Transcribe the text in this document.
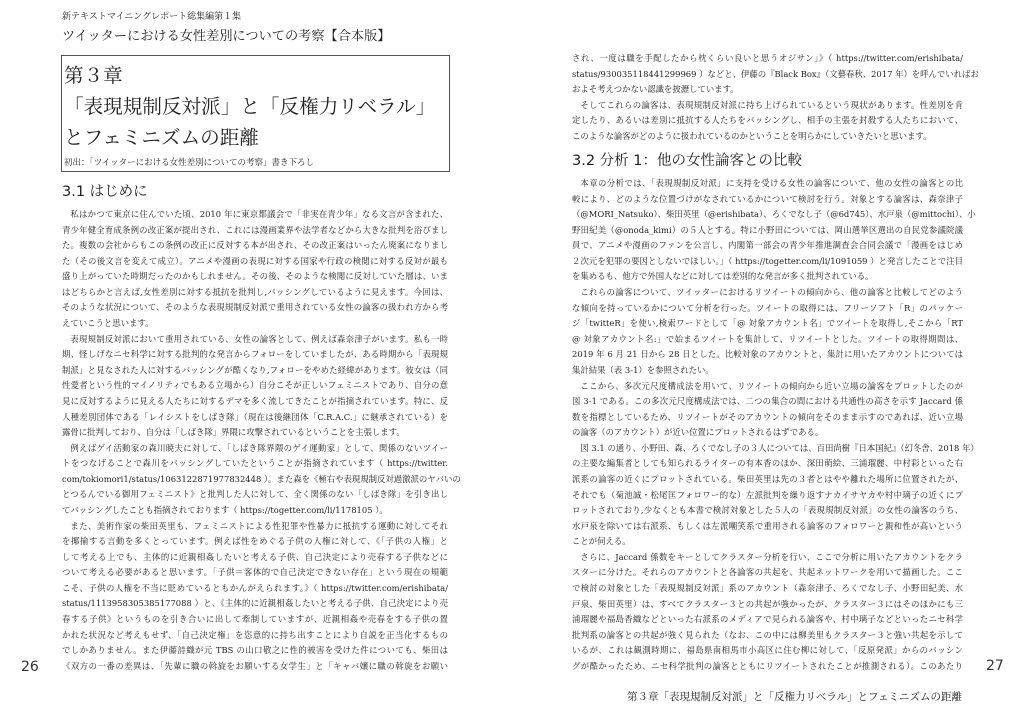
新テキストマイニングレポート総集編第１集
ツイッターにおける女性差別についての考察【合本版】
第３章
「表現規制反対派」と「反権力リベラル」
とフェミニズムの距離
初出：「ツイッターにおける女性差別についての考察」書き下ろし
3.1 はじめに
私はかつて東京に住んでいた頃、2010 年に東京都議会で「非実在青少年」なる文言が含まれた、
青少年健全育成条例の改正案が提出され、これには漫画業界や法学者などから大きな批判を浴びまし
た。複数の会社からもこの条例の改正に反対する本が出され、その改正案はいったん廃案になりまし
た（その後文言を変えて成立）。アニメや漫画の表現に対する国家や行政の検閲に対する反対が最も
盛り上がっていた時期だったのかもしれません。その後、そのような検閲に反対していた層は、いま
はどちらかと言えば,女性差別に対する抵抗を批判し,バッシングしているように見えます。今回は、
そのような状況について、そのような表現規制反対派で重用されている女性の論客の扱われ方から考
えていこうと思います。
表現規制反対派において重用されている、女性の論客として、例えば森奈津子がいます。私も一時
期、怪しげなニセ科学に対する批判的な発言からフォローをしていましたが、ある時期から「表現規
制派」と見なされた人に対するバッシングが酷くなり,フォローをやめた経緯があります。彼女は（同
性愛者という性的マイノリティでもある立場から）自分こそが正しいフェミニストであり、自分の意
見に反対するように見える人たちに対するデマを多く流してきたことが指摘されています。特に、反
人種差別団体である「レイシストをしばき隊」（現在は後継団体「C.R.A.C.」に継承されている）を
露骨に批判しており、自分は「しばき隊」界隈に攻撃されているということを主張します。
例えばゲイ活動家の森川暁夫に対して、「しばき隊界隈のゲイ運動家」として、関係のないツイー
トをつなげることで森川をバッシングしていたということが指摘されています（ https://twitter.
com/tokiomori1/status/1063122871977832448 ）。また森を《極右や表現規制反対過激派のヤバいの
とつるんでいる御用フェミニスト》と批判した人に対して、全く関係のない「しばき隊」を引き出し
てバッシングしたことも指摘されております（ https://togetter.com/li/1178105 ）。
また、美術作家の柴田英里も、フェミニストによる性犯罪や性暴力に抵抗する運動に対してそれ
を揶揄する言動を多くとっています。例えば性をめぐる子供の人権に対して、《「子供の人権」と
して考える上でも、主体的に近親相姦したいと考える子供、自己決定により売春する子供などに
ついて考える必要があると思います。「子供＝客体的で自己決定できない存在」という現在の規範
こそ、子供の人権を不当に貶めているともかんがえられます。》（ https://twitter.com/erishibata/
status/1113958305385177088 ）と、《主体的に近親相姦したいと考える子供、自己決定により売
春する子供》というものを引き合いに出して牽制していますが、近親相姦や売春をする子供の置
かれた状況など考えもせず、「自己決定権」を恣意的に持ち出すことにより自説を正当化するもの
でしかありません。また伊藤詩織が元 TBS の山口敬之に性的被害を受けた件についても、柴田は
《双方の一番の差異は、「先輩に職の斡旋をお願いする女学生」と「キャバ嬢に職の斡旋をお願い
26
され、一度は職を手配したから枕くらい良いと思うオジサン」》（ https://twitter.com/erishibata/
status/930035118441299969 ）などと、伊藤の『Black Box』（文藝春秋、2017 年）を呼んでいればお
およそ考えつかない認識を披瀝しています。
そしてこれらの論客は、表現規制反対派に持ち上げられているという現状があります。性差別を肯
定したり、あるいは差別に抵抗する人たちをバッシングし、相手の主張を封殺する人たちにおいて、
このような論客がどのように扱われているのかということを明らかにしていきたいと思います。
3.2 分析 1：他の女性論客との比較
本章の分析では、「表現規制反対派」に支持を受ける女性の論客について、他の女性の論客との比
較により、どのような位置づけがなされているかについて検討を行う。対象とする論客は、森奈津子
（@MORI_Natsuko）、柴田英里（@erishibata）、ろくでなし子（@6d745）、水戸泉（@mittochi）、小
野田紀美（@onoda_kimi）の５人とする。特に小野田については、岡山選挙区選出の自民党参議院議
員で、アニメや漫画のファンを公言し、内閣第一部会の青少年推進調査会合同会議で「漫画をはじめ
２次元を犯罪の要因としないでほしい。」（ https://togetter.com/li/1091059 ）と発言したことで注目
を集めるも、他方で外国人などに対しては差別的な発言が多く批判されている。
これらの論客について、ツイッターにおけるリツイートの傾向から、他の論客と比較してどのよう
な傾向を持っているかについて分析を行った。ツイートの取得には、フリーソフト「R」のパッケー
ジ「twitteR」を使い,検索ワードとして「@ 対象アカウント名」でツイートを取得し,そこから「RT
@ 対象アカウント名:」で始まるツイートを集計して、リツイートとした。ツイートの取得期間は、
2019 年 6 月 21 日から 28 日とした。比較対象のアカウントと、集計に用いたアカウントについては
集計結果（表 3-1）を参照されたい。
ここから、多次元尺度構成法を用いて、リツイートの傾向から近い立場の論客をプロットしたのが
図 3-1 である。この多次元尺度構成法では、二つの集合の間における共通性の高さを示す Jaccard 係
数を指標としているため、リツイートがそのアカウントの傾向をそのまま示すのであれば、近い立場
の論客（のアカウント）が近い位置にプロットされるはずである。
図 3.1 の通り、小野田、森、ろくでなし子の３人については、百田尚樹『日本国紀』（幻冬舎、2018 年）
の主要な編集者としても知られるライターの有本香のほか、深田萌絵、三浦瑠麗、中村彩といった右
派系の論客の近くにプロットされている。柴田英里は先の３者とはやや離れた場所に位置されたが、
それでも（菊池誠・松尾匡フォロワー的な）左派批判を繰り返すナカイサヤカや村中璃子の近くにプ
ロットされており,少なくとも本書で検討対象とした５人の「表現規制反対派」の女性の論客のうち、
水戸泉を除いては右派系、もしくは左派嘲笑系で重用される論客のフォロワーと親和性が高いという
ことが伺える。
さらに、Jaccard 係数をキーとしてクラスター分析を行い、ここで分析に用いたアカウントをクラ
スターに分けた。それらのアカウントと各論客の共起を、共起ネットワークを用いて描画した。ここ
で検討の対象とした「表現規制反対派」系のアカウント（森奈津子、ろくでなし子、小野田紀美、水
戸泉、柴田英里）は、すべてクラスター３との共起が強かったが、クラスター３にはそのほかにも三
浦瑠麗や福島香織などといった右派系のメディアで見られる論客や、村中璃子などといったニセ科学
批判系の論客との共起が強く見られた（なお、この中には柳美里もクラスター３と強い共起を示して
いるが、これは観測時期に、福島県南相馬市小高区に住む柳に対して、「反原発派」からのバッシン
グが酷かったため、ニセ科学批判の論客とともにリツイートされたことが推測される）。このあたり 27
第３章「表現規制反対派」と「反権力リベラル」とフェミニズムの距離
